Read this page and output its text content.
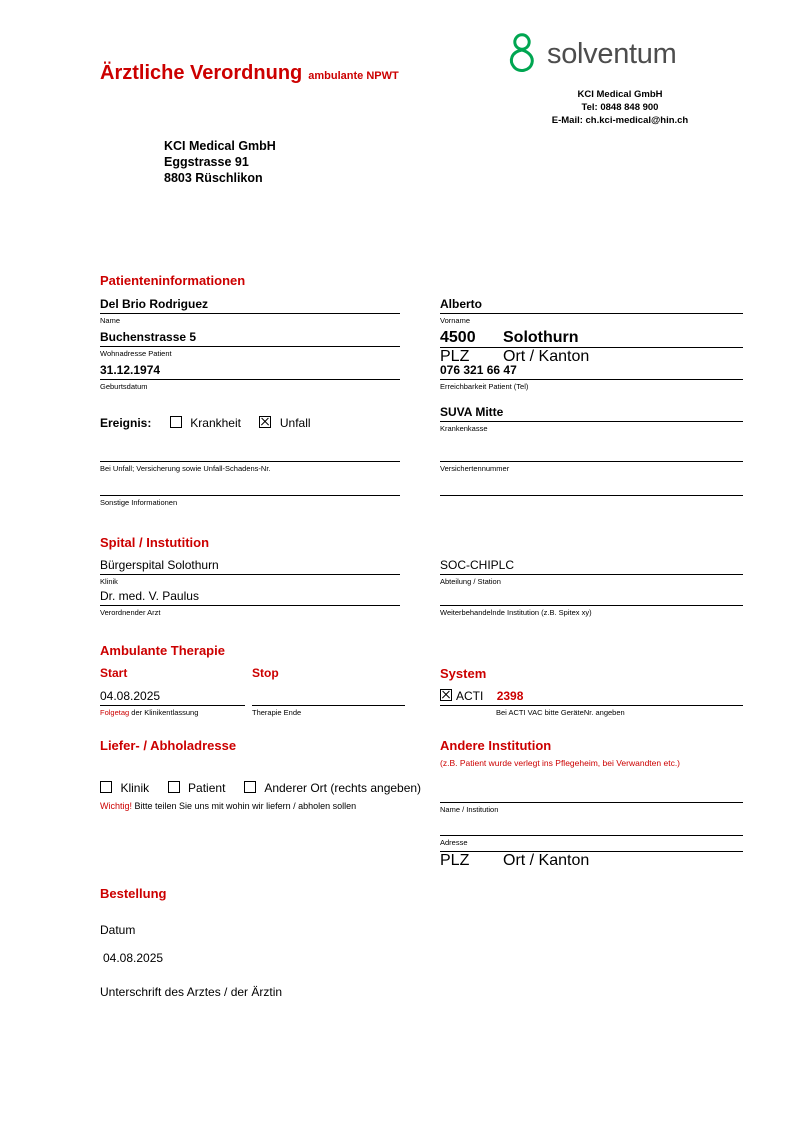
Ärztliche Verordnung ambulante NPWT
solventum
KCI Medical GmbH
Tel: 0848 848 900
E-Mail: ch.kci-medical@hin.ch
KCI Medical GmbH
Eggstrasse 91
8803 Rüschlikon
Patienteninformationen
Del Brio Rodriguez
Name
Buchenstrasse 5
Wohnadresse Patient
31.12.1974
Geburtsdatum
Ereignis:	Krankheit	Unfall
Bei Unfall; Versicherung sowie Unfall-Schadens-Nr.
Sonstige Informationen
Alberto
Vorname
4500
PLZ
Solothurn
Ort / Kanton
076 321 66 47
Erreichbarkeit Patient (Tel)
SUVA Mitte
Krankenkasse
Versichertennummer
Spital / Instutition
Bürgerspital Solothurn
Klinik
Dr. med. V. Paulus
Verordnender Arzt
SOC-CHIPLC
Abteilung / Station
Weiterbehandelnde Institution (z.B. Spitex xy)
Ambulante Therapie
Start	Stop	System
04.08.2025
Folgetag der Klinikentlassung	Therapie Ende
ACTI 2398
Bei ACTI VAC bitte GeräteNr. angeben
Liefer- / Abholadresse
Klinik	Patient	Anderer Ort (rechts angeben)
Wichtig! Bitte teilen Sie uns mit wohin wir liefern / abholen sollen
Andere Institution
(z.B. Patient wurde verlegt ins Pflegeheim, bei Verwandten etc.)
Name / Institution
Adresse
PLZ	Ort / Kanton
Bestellung
Datum
04.08.2025
Unterschrift des Arztes / der Ärztin
